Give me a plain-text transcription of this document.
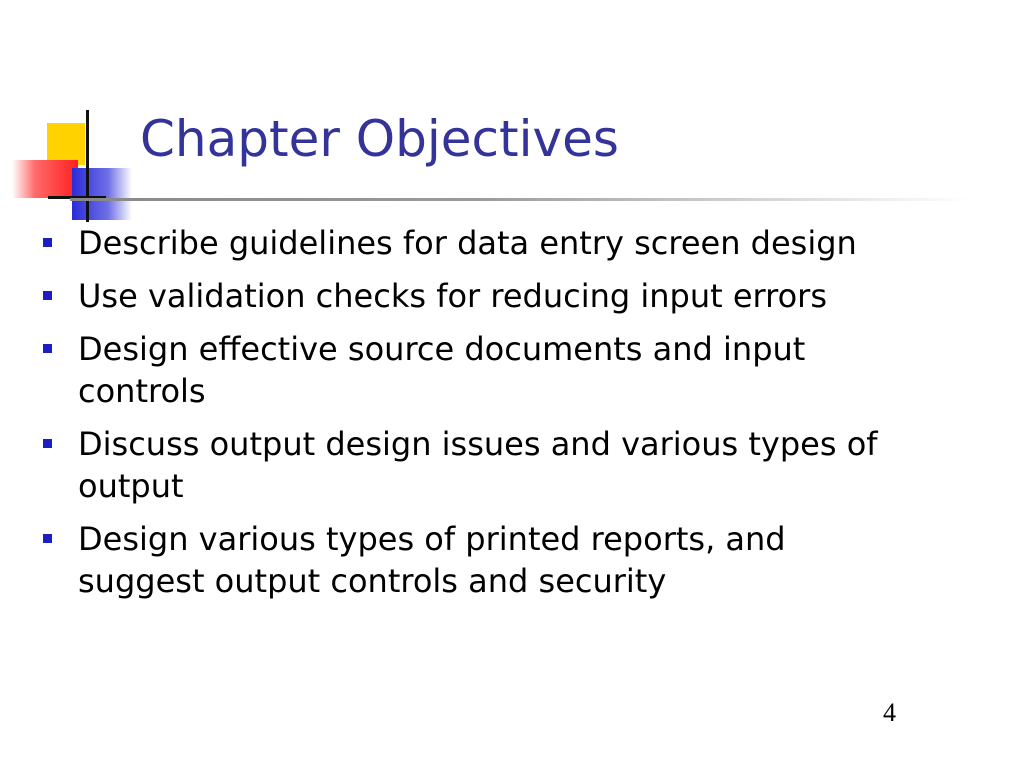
Chapter Objectives
Describe guidelines for data entry screen design
Use validation checks for reducing input errors
Design effective source documents and input controls
Discuss output design issues and various types of output
Design various types of printed reports, and suggest output controls and security
4
